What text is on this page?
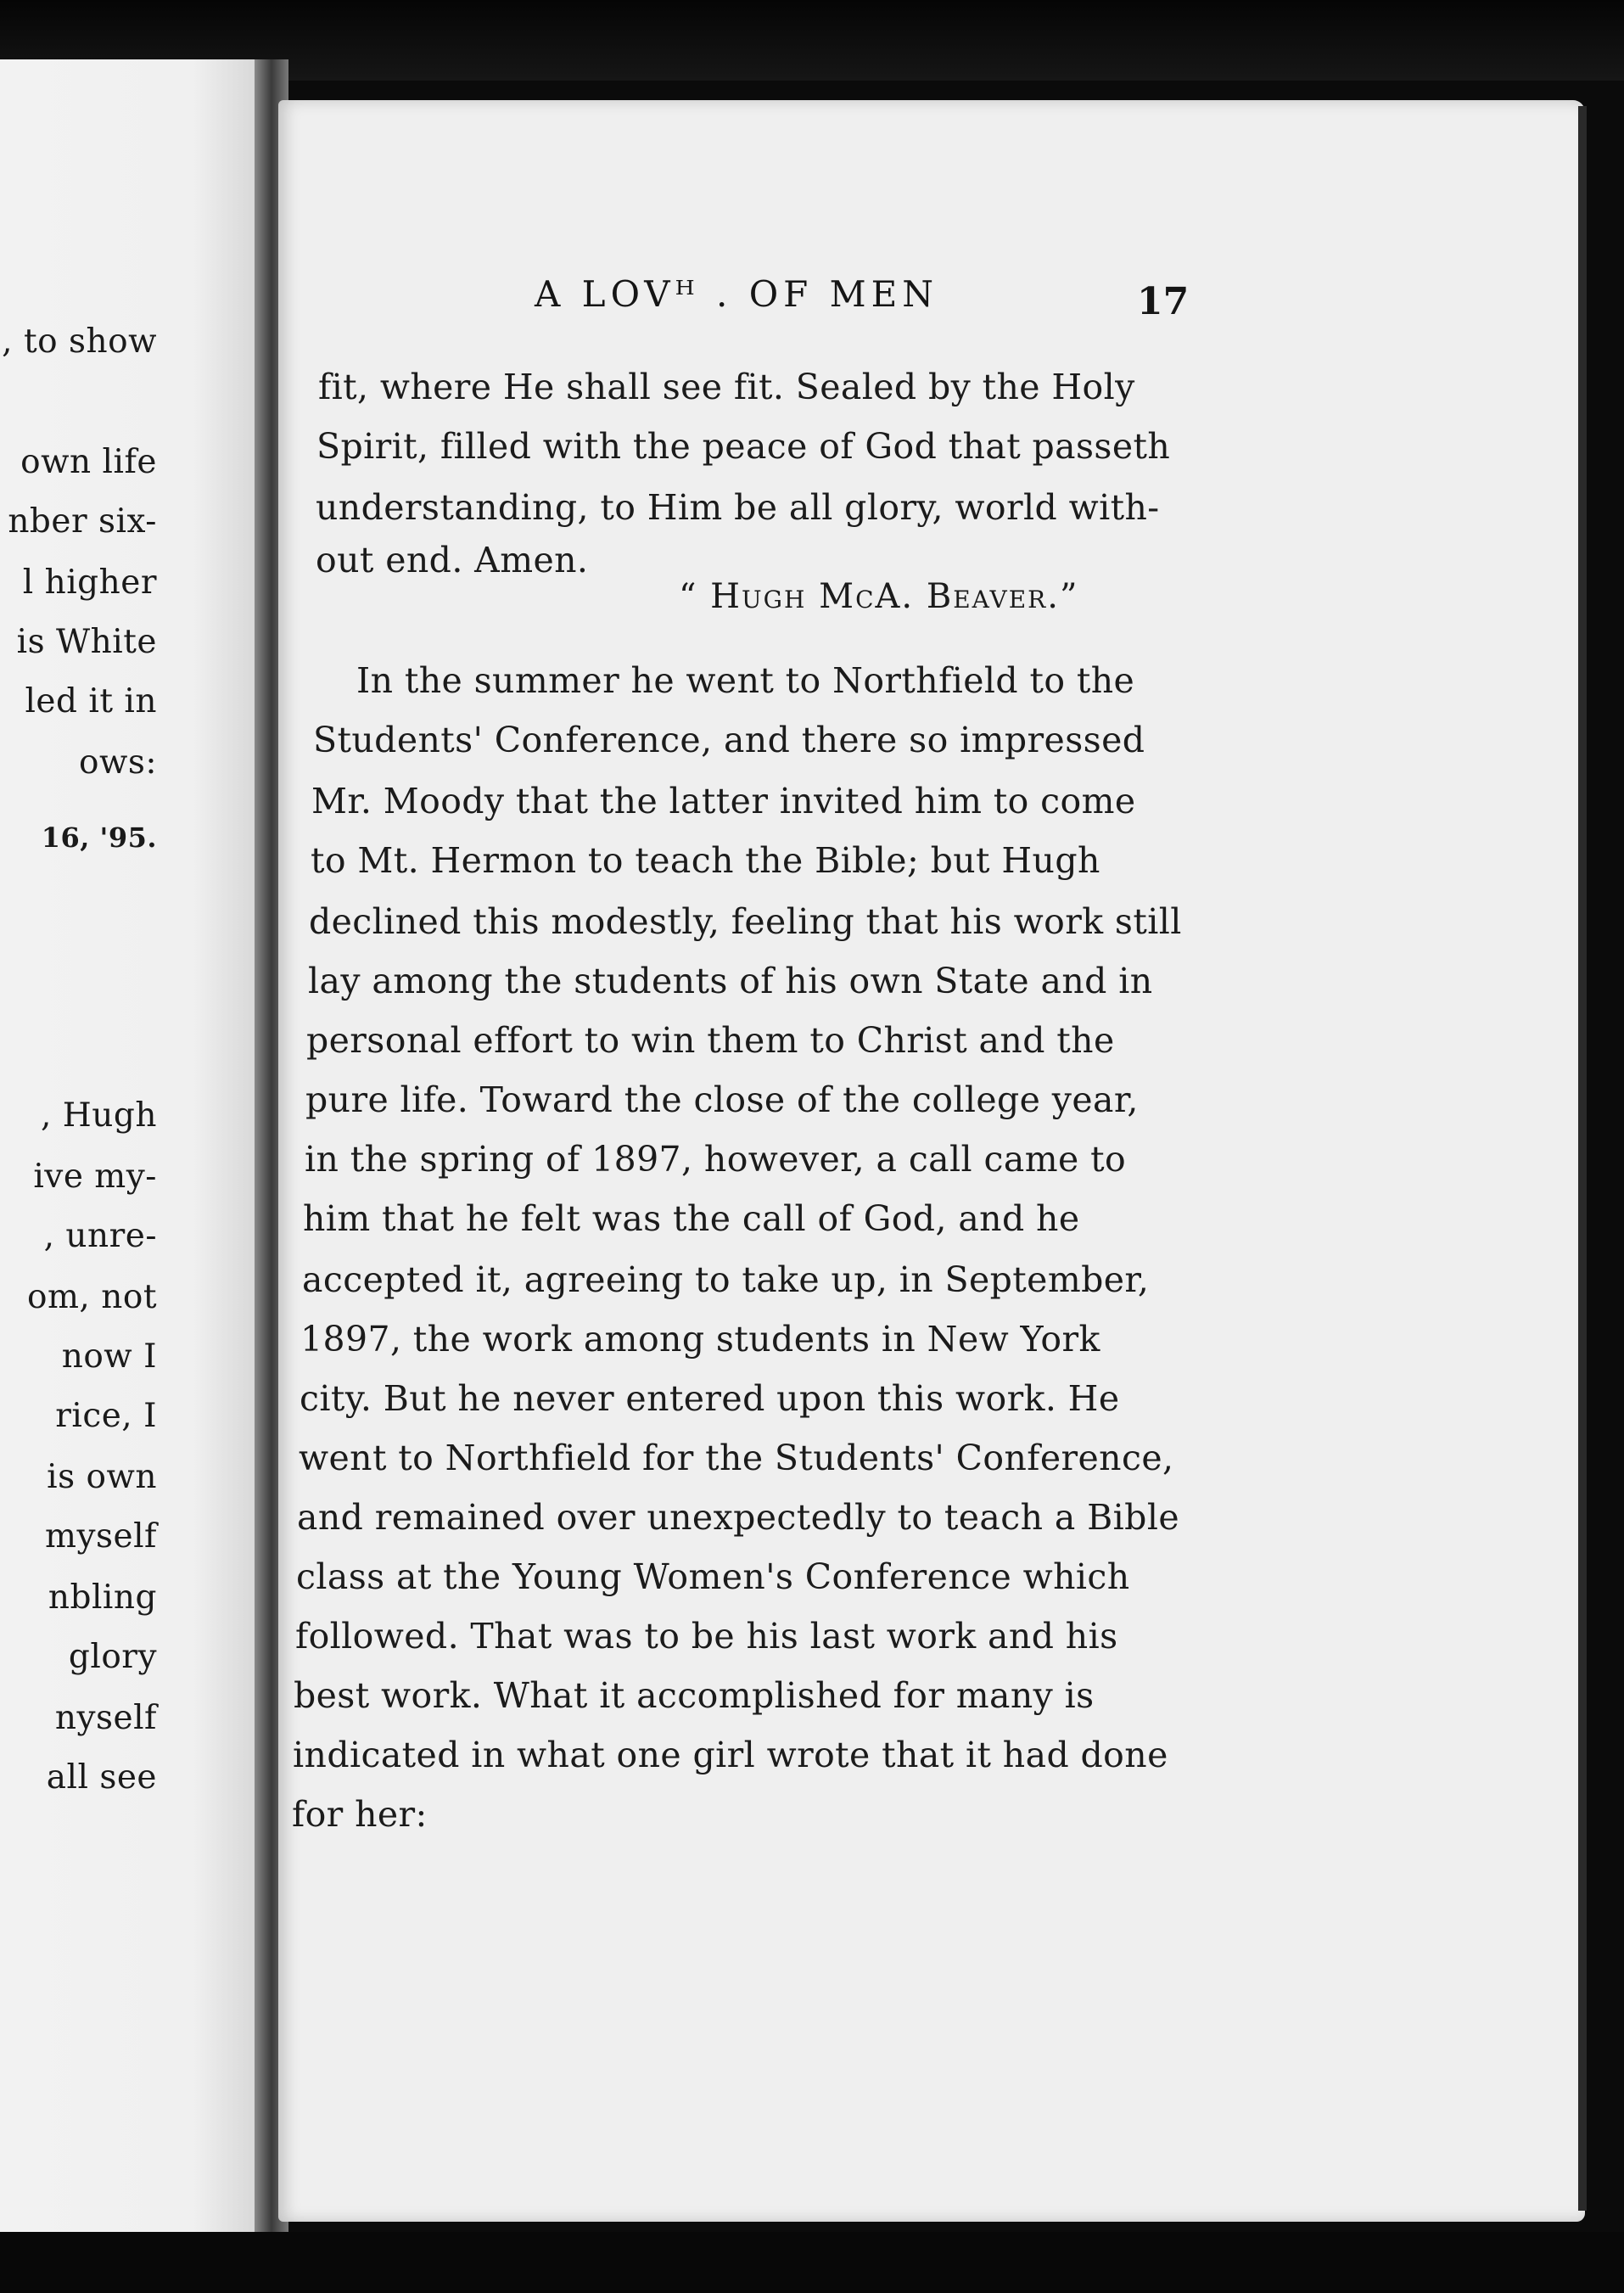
, to show
own life
nber six-
l higher
is White
led it in
ows:
16, '95.
, Hugh
ive my-
, unre-
om, not
now I
rice, I
is own
myself
nbling
glory
nyself
all see
A LOVᴴ . OF MEN	17
fit, where He shall see fit. Sealed by the Holy
Spirit, filled with the peace of God that passeth
understanding, to Him be all glory, world with-
out end. Amen.
“ Hugh McA. Beaver.”
In the summer he went to Northfield to the
Students' Conference, and there so impressed
Mr. Moody that the latter invited him to come
to Mt. Hermon to teach the Bible; but Hugh
declined this modestly, feeling that his work still
lay among the students of his own State and in
personal effort to win them to Christ and the
pure life. Toward the close of the college year,
in the spring of 1897, however, a call came to
him that he felt was the call of God, and he
accepted it, agreeing to take up, in September,
1897, the work among students in New York
city. But he never entered upon this work. He
went to Northfield for the Students' Conference,
and remained over unexpectedly to teach a Bible
class at the Young Women's Conference which
followed. That was to be his last work and his
best work. What it accomplished for many is
indicated in what one girl wrote that it had done
for her:
